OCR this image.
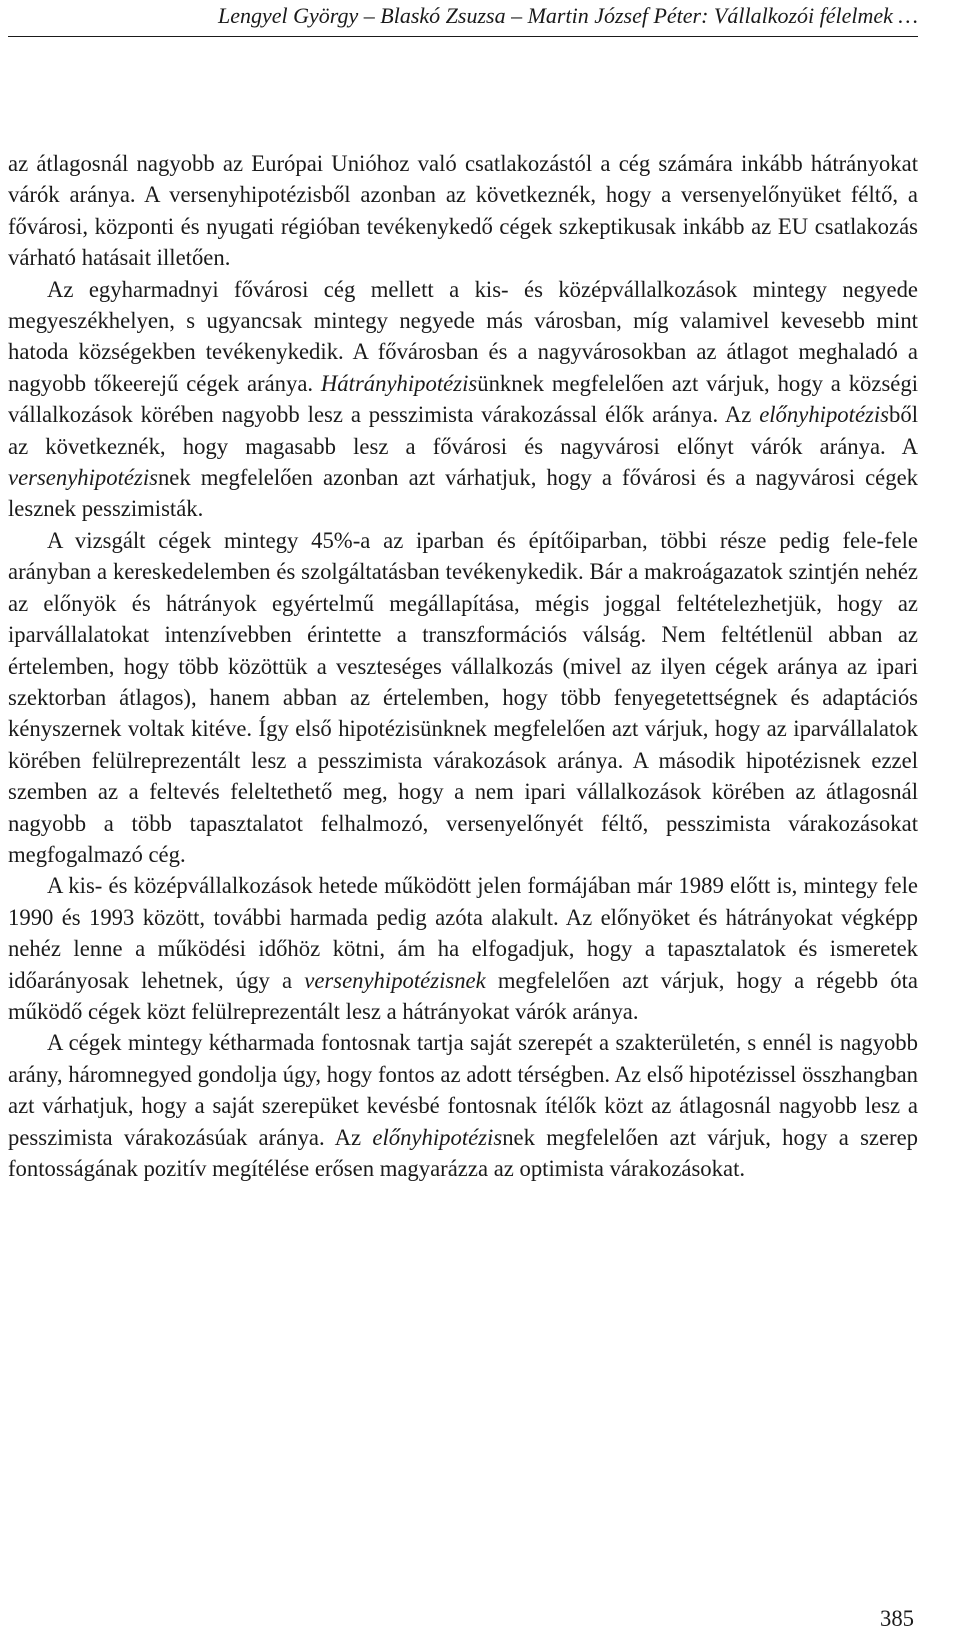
Lengyel György – Blaskó Zsuzsa – Martin József Péter: Vállalkozói félelmek …

az átlagosnál nagyobb az Európai Unióhoz való csatlakozástól a cég számára inkább hátrányokat várók aránya. A versenyhipotézisből azonban az következnék, hogy a versenyelőnyüket féltő, a fővárosi, központi és nyugati régióban tevékenykedő cégek szkeptikusak inkább az EU csatlakozás várható hatásait illetően.

Az egyharmadnyi fővárosi cég mellett a kis- és középvállalkozások mintegy negyede megyeszékhelyen, s ugyancsak mintegy negyede más városban, míg valamivel kevesebb mint hatoda községekben tevékenykedik. A fővárosban és a nagyvárosokban az átlagot meghaladó a nagyobb tőkeerejű cégek aránya. Hátrányhipotézisünknek megfelelően azt várjuk, hogy a községi vállalkozások körében nagyobb lesz a pesszimista várakozással élők aránya. Az előnyhipotézisből az következnék, hogy magasabb lesz a fővárosi és nagyvárosi előnyt várók aránya. A versenyhipotézisnek megfelelően azonban azt várhatjuk, hogy a fővárosi és a nagyvárosi cégek lesznek pesszimisták.

A vizsgált cégek mintegy 45%-a az iparban és építőiparban, többi része pedig fele-fele arányban a kereskedelemben és szolgáltatásban tevékenykedik. Bár a makroágazatok szintjén nehéz az előnyök és hátrányok egyértelmű megállapítása, mégis joggal feltételezhetjük, hogy az iparvállalatokat intenzívebben érintette a transzformációs válság. Nem feltétlenül abban az értelemben, hogy több közöttük a veszteséges vállalkozás (mivel az ilyen cégek aránya az ipari szektorban átlagos), hanem abban az értelemben, hogy több fenyegetettségnek és adaptációs kényszernek voltak kitéve. Így első hipotézisünknek megfelelően azt várjuk, hogy az iparvállalatok körében felülreprezentált lesz a pesszimista várakozások aránya. A második hipotézisnek ezzel szemben az a feltevés feleltethető meg, hogy a nem ipari vállalkozások körében az átlagosnál nagyobb a több tapasztalatot felhalmozó, versenyelőnyét féltő, pesszimista várakozásokat megfogalmazó cég.

A kis- és középvállalkozások hetede működött jelen formájában már 1989 előtt is, mintegy fele 1990 és 1993 között, további harmada pedig azóta alakult. Az előnyöket és hátrányokat végképp nehéz lenne a működési időhöz kötni, ám ha elfogadjuk, hogy a tapasztalatok és ismeretek időarányosak lehetnek, úgy a versenyhipotézisnek megfelelően azt várjuk, hogy a régebb óta működő cégek közt felülreprezentált lesz a hátrányokat várók aránya.

A cégek mintegy kétharmada fontosnak tartja saját szerepét a szakterületén, s ennél is nagyobb arány, háromnegyed gondolja úgy, hogy fontos az adott térségben. Az első hipotézissel összhangban azt várhatjuk, hogy a saját szerepüket kevésbé fontosnak ítélők közt az átlagosnál nagyobb lesz a pesszimista várakozásúak aránya. Az előnyhipotézisnek megfelelően azt várjuk, hogy a szerep fontosságának pozitív megítélése erősen magyarázza az optimista várakozásokat.

385
